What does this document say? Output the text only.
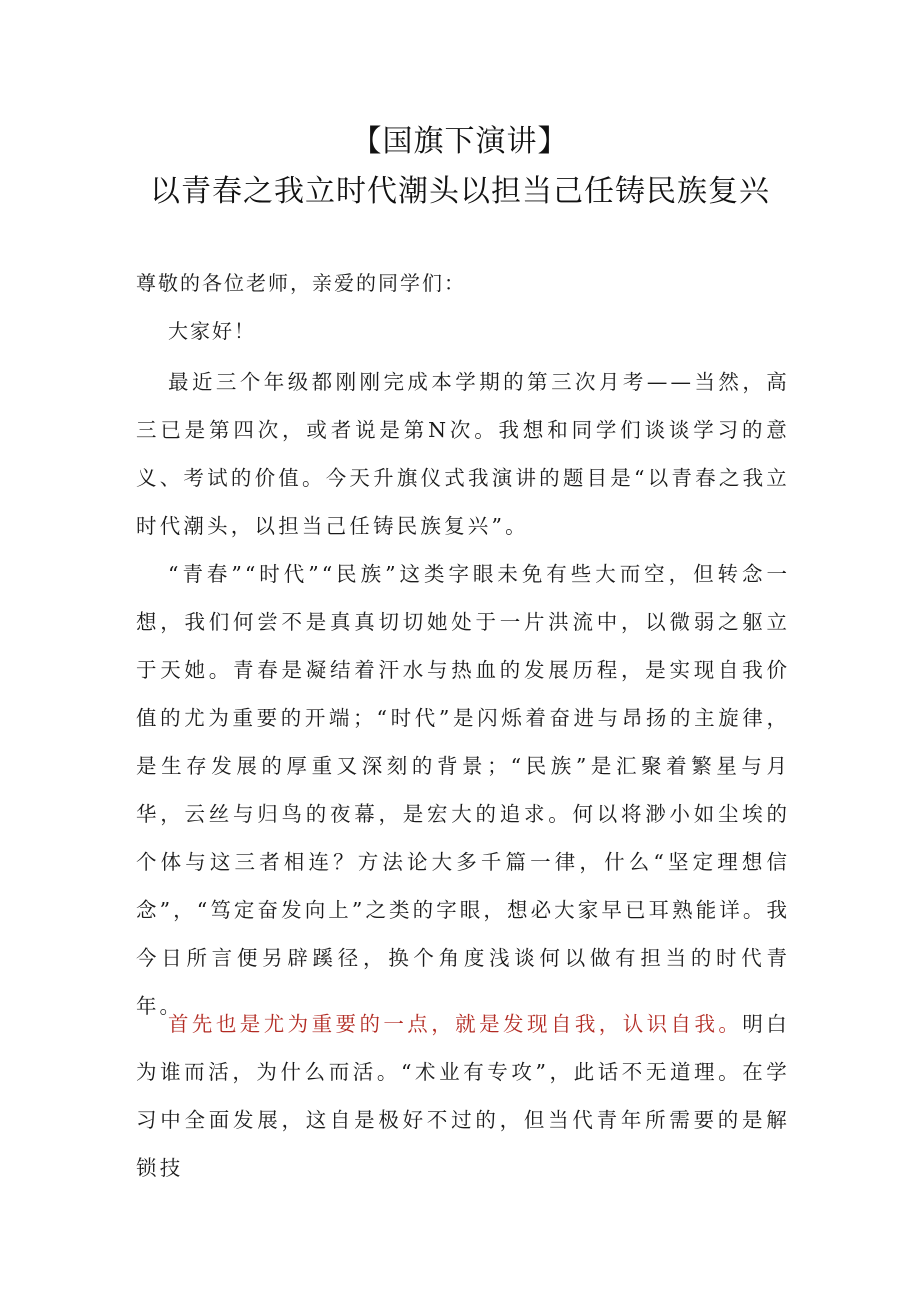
【国旗下演讲】
以青春之我立时代潮头以担当己任铸民族复兴
尊敬的各位老师，亲爱的同学们：
大家好！

最近三个年级都刚刚完成本学期的第三次月考——当然，高三已是第四次，或者说是第N次。我想和同学们谈谈学习的意义、考试的价值。今天升旗仪式我演讲的题目是“以青春之我立时代潮头，以担当己任铸民族复兴”。

“青春”“时代”“民族”这类字眼未免有些大而空，但转念一想，我们何尝不是真真切切她处于一片洪流中，以微弱之躯立于天她。青春是凝结着汗水与热血的发展历程，是实现自我价值的尤为重要的开端；“时代”是闪烁着奋进与昂扬的主旋律，是生存发展的厚重又深刻的背景；“民族”是汇聚着繁星与月华，云丝与归鸟的夜幕，是宏大的追求。何以将渺小如尘埃的个体与这三者相连？方法论大多千篇一律，什么“坚定理想信念”，“笃定奋发向上”之类的字眼，想必大家早已耳熟能详。我今日所言便另辟蹊径，换个角度浅谈何以做有担当的时代青年。

首先也是尤为重要的一点，就是发现自我，认识自我。明白为谁而活，为什么而活。“术业有专攻”，此话不无道理。在学习中全面发展，这自是极好不过的，但当代青年所需要的是解锁技
